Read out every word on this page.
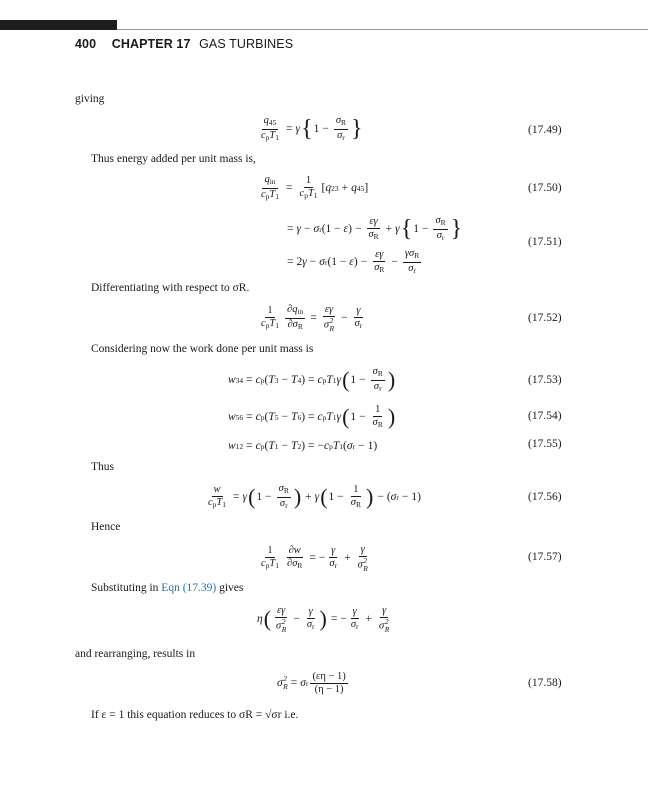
400 CHAPTER 17 GAS TURBINES
giving
$\frac{q_{45}}{c_pT_1} = \gamma$ { $1 - \frac{\sigma_R}{\sigma_r}$ }	(17.49)
Thus energy added per unit mass is,
$\frac{q_{in}}{c_pT_1} = \frac{1}{c_pT_1}$ [ q 23 + q 45 ]	(17.50)
= γ − σ r (1 − ε ) − $\frac{\varepsilon\gamma}{\sigma_R} + \gamma$ { $1 - \frac{\sigma_R}{\sigma_r}$ }
= 2 γ − σ r (1 − ε ) − $\frac{\varepsilon\gamma}{\sigma_R} - \frac{\gamma\sigma_R}{\sigma_r}$
(17.51)
Differentiating with respect to σR.
$\frac{1}{c_pT_1} \frac{\partial q_{in}}{\partial\sigma_R} = \varepsilon\gamma$
σ 2
$R - \frac{\gamma}{\sigma_r}$	(17.52)
Considering now the work done per unit mass is
w 34 = c p ( T 3 − T 4 ) = c p T 1 γ ( $1 - \frac{\sigma_R}{\sigma_r}$ )	(17.53)
w 56 = c p ( T 5 − T 6 ) = c p T 1 γ ( $1 - \frac{1}{\sigma_R}$ )	(17.54)
w 12 = c p ( T 1 − T 2 ) = − c p T 1 ( σ r − 1)	(17.55)
Thus
$\frac{w}{c_pT_1} = \gamma$ ( $1 - \frac{\sigma_R}{\sigma_r}$ ) + γ ( $1 - \frac{1}{\sigma_R}$ ) − ( σ r − 1)	(17.56)
Hence
$\frac{1}{c_pT_1} \frac{\partial w}{\partial\sigma_R}$ = − $\frac{\gamma}{\sigma_r} + \gamma$
σ 2
R	(17.57)
Substituting in Eqn (17.39) gives
η ( εγ
σ 2
$R - \frac{\gamma}{\sigma_r}$ ) = − $\frac{\gamma}{\sigma_r} + \gamma$
σ 2
R
and rearranging, results in
σ 2
R = σ r $\frac{(\varepsilon\eta - 1)}{(\eta - 1)}$	(17.58)
If ε = 1 this equation reduces to σR = √σr i.e.
